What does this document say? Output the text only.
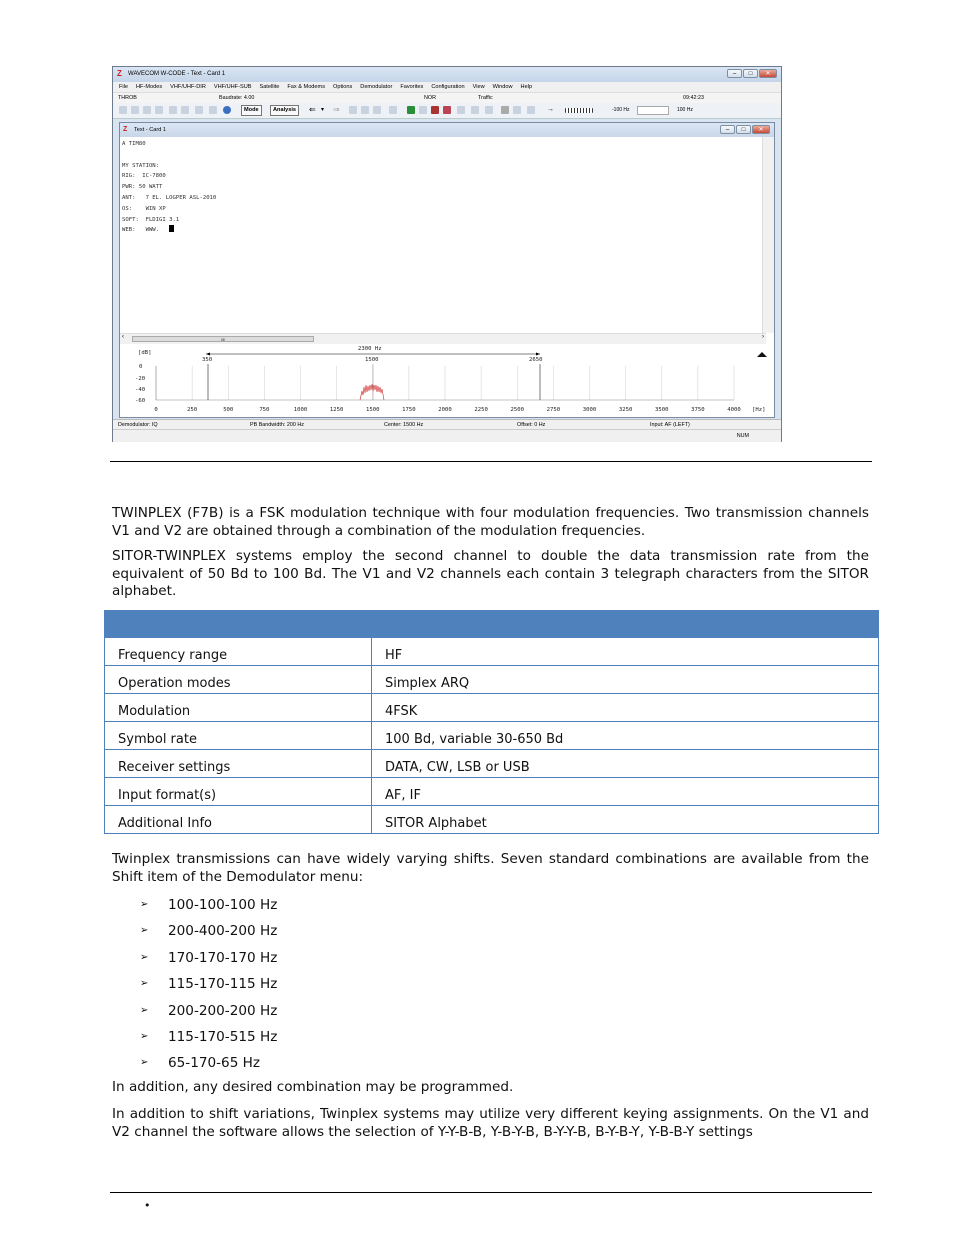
Z	WAVECOM W-CODE - Text - Card 1	–	□	✕
File HF-Modes VHF/UHF-DIR VHF/UHF-SUB Satellite Fax & Modems Options Demodulator Favorites Configuration View Window Help
THROB	Baudrate: 4.00	NOR	Traffic	09:42:23
Mode	Analysis	⇐ ▾	⇒	→	-100 Hz	100 Hz
Z Text - Card 1	–	□	✕
A TIM80

MY STATION:
RIG:  IC-7800
PWR: 50 WATT
ANT:   7 EL. LOGPER ASL-2010
OS:    WIN XP
SOFT:  FLDIGI 3.1
WEB:   WWW.
‹	III	›
[dB]
0
-20
-40
-60
2300 Hz
350	1500	2650
[Hz]
0	250	500	750	1000	1250	1500	1750	2000	2250	2500	2750	3000	3250	3500	3750	4000
Demodulator: IQ	PB Bandwidth: 200 Hz	Center: 1500 Hz	Offset: 0 Hz	Input: AF (LEFT)
NUM
TWINPLEX (F7B) is a FSK modulation technique with four modulation frequencies. Two transmission channels V1 and V2 are obtained through a combination of the modulation frequencies.
SITOR-TWINPLEX systems employ the second channel to double the data transmission rate from the equivalent of 50 Bd to 100 Bd. The V1 and V2 channels each contain 3 telegraph characters from the SITOR alphabet.

Frequency range	HF
Operation modes	Simplex ARQ
Modulation	4FSK
Symbol rate	100 Bd, variable 30-650 Bd
Receiver settings	DATA, CW, LSB or USB
Input format(s)	AF, IF
Additional Info	SITOR Alphabet
Twinplex transmissions can have widely varying shifts. Seven standard combinations are available from the Shift item of the Demodulator menu:
➢ 100-100-100 Hz
➢ 200-400-200 Hz
➢ 170-170-170 Hz
➢ 115-170-115 Hz
➢ 200-200-200 Hz
➢ 115-170-515 Hz
➢ 65-170-65 Hz
In addition, any desired combination may be programmed.
In addition to shift variations, Twinplex systems may utilize very different keying assignments. On the V1 and V2 channel the software allows the selection of Y-Y-B-B, Y-B-Y-B, B-Y-Y-B, B-Y-B-Y, Y-B-B-Y settings
•
